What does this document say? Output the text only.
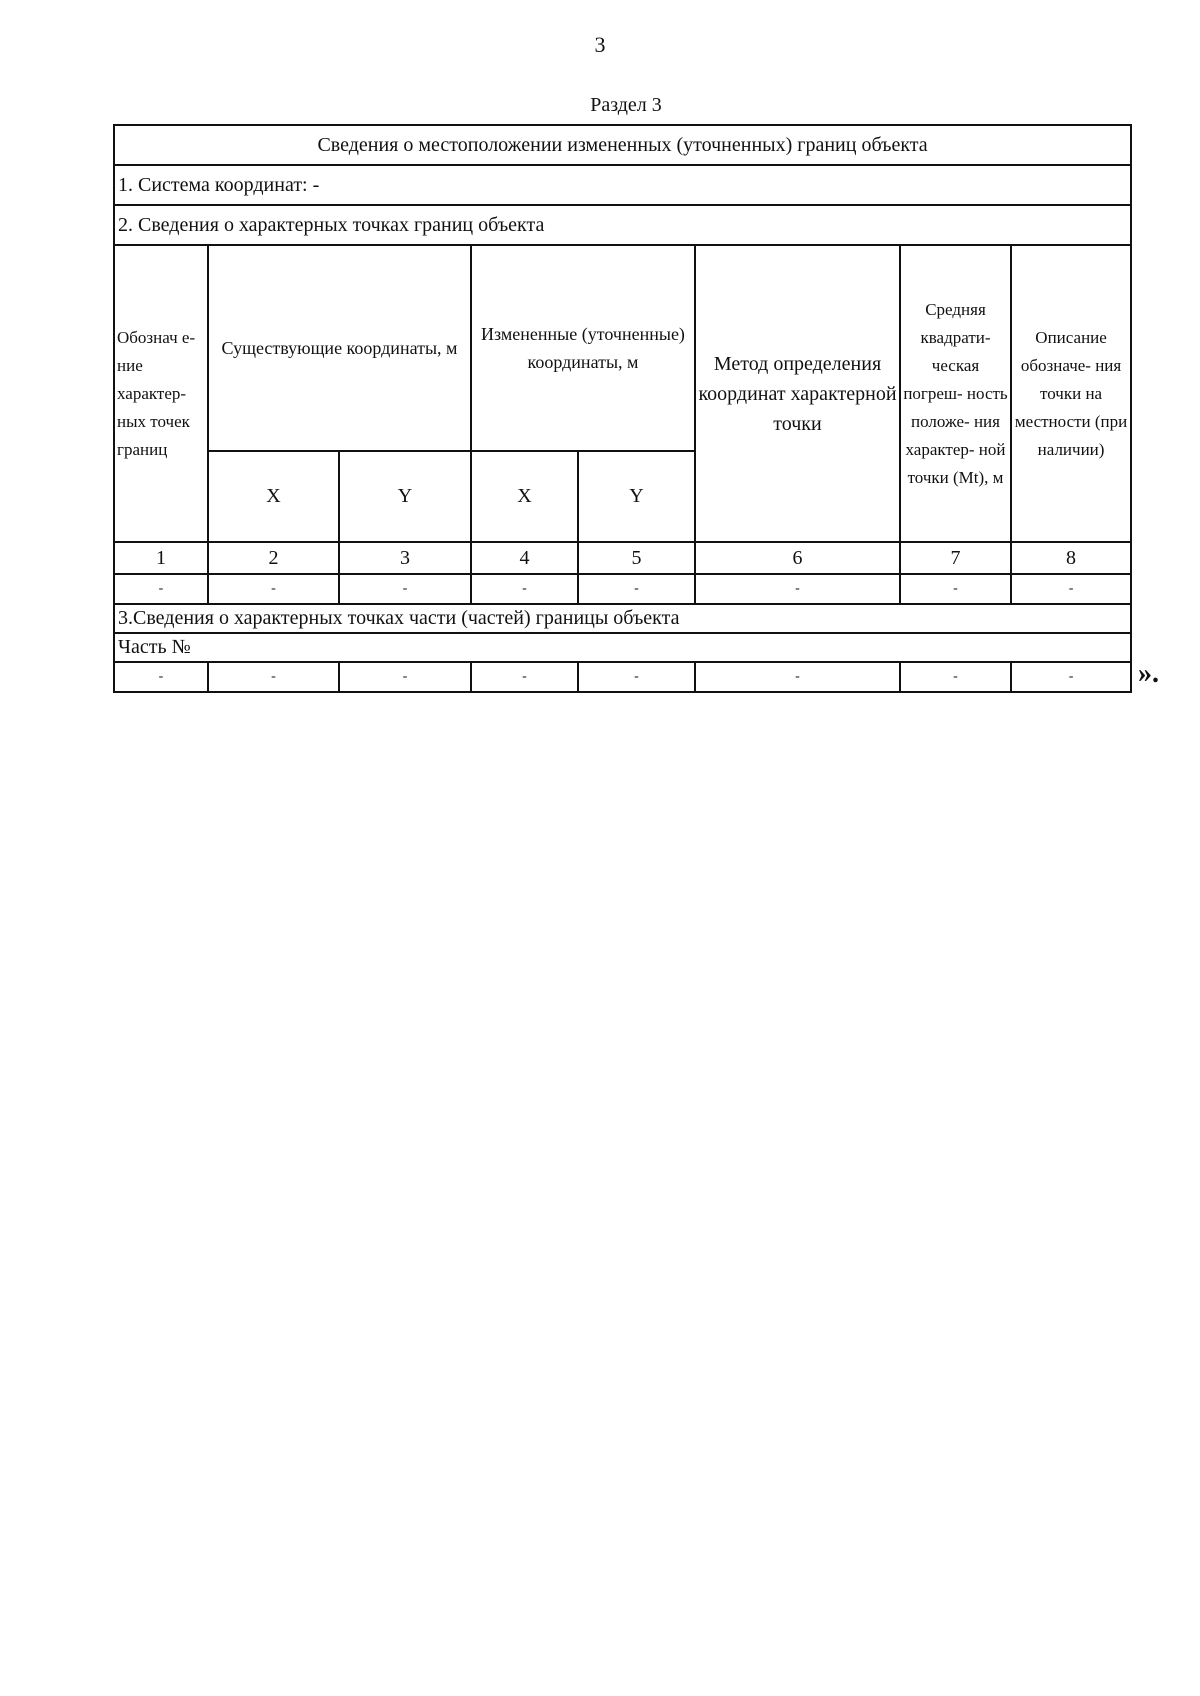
3
Раздел 3
Сведения о местоположении измененных (уточненных) границ объекта							
1. Система координат: -							
2. Сведения о характерных точках границ объекта							
Обознач е-ние характер- ных точек границ	Существующие координаты, м		Измененные (уточненные) координаты, м		Метод определения координат характерной точки	Средняя квадрати- ческая погреш- ность положе- ния характер- ной точки (Mt), м	Описание обозначе- ния точки на местности (при наличии)
	X	Y	X	Y			
1	2	3	4	5	6	7	8
-	-	-	-	-	-	-	-
3.Сведения о характерных точках части (частей) границы объекта							
Часть №							
-	-	-	-	-	-	-	- ».
